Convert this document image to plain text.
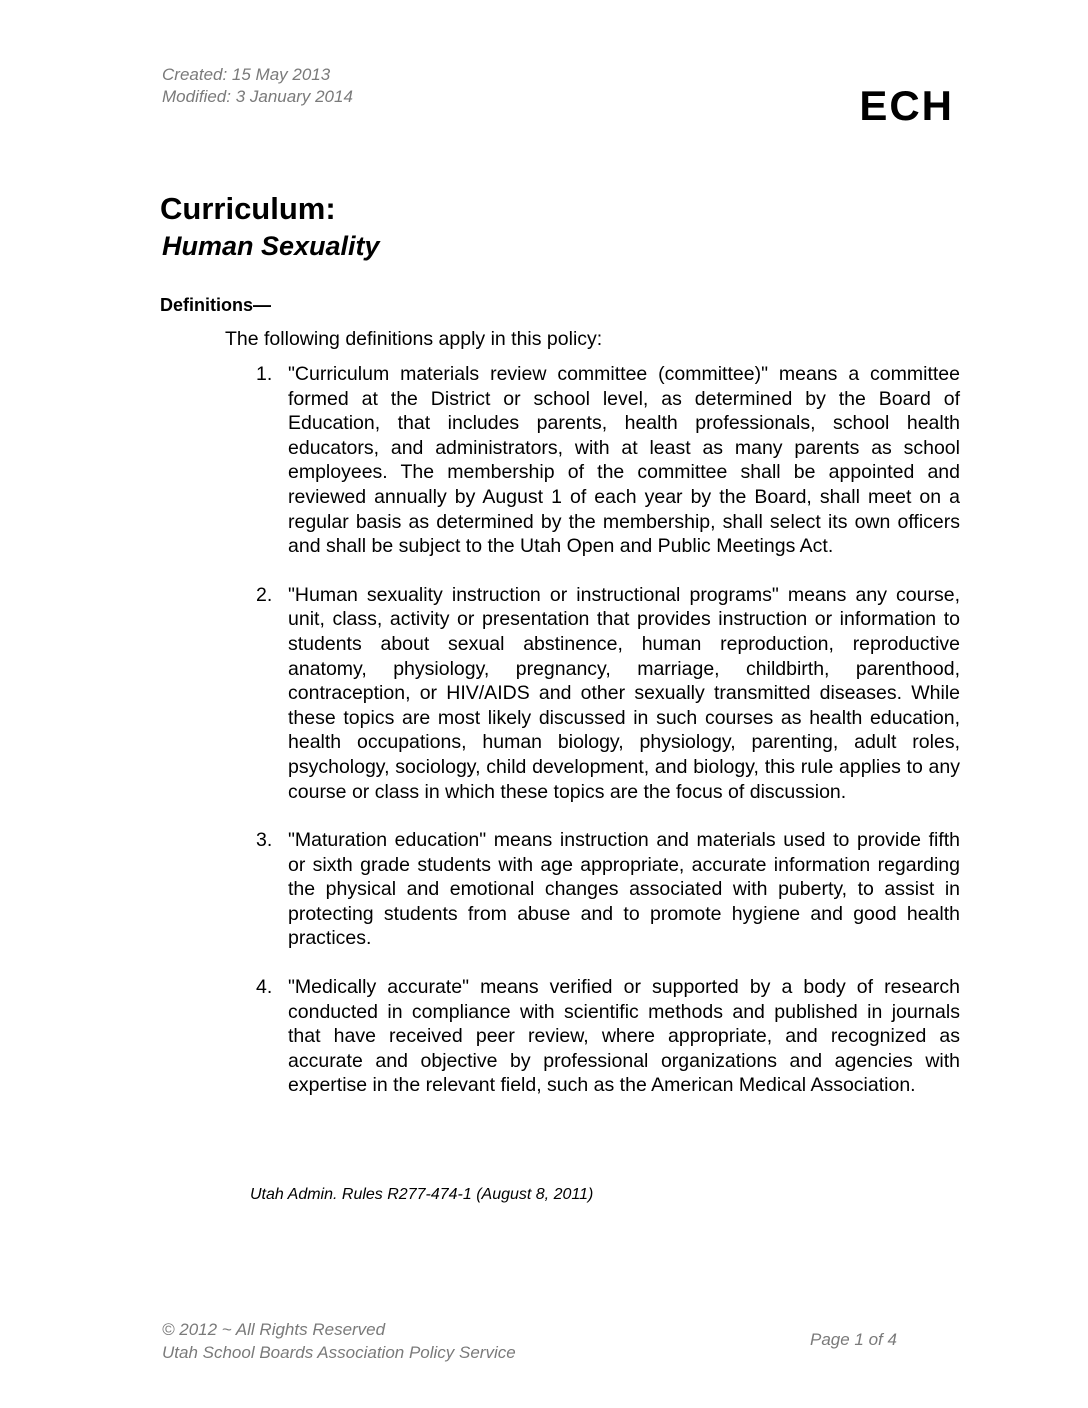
Created: 15 May 2013
Modified: 3 January 2014	ECH
Curriculum:
Human Sexuality
Definitions—
The following definitions apply in this policy:
1. "Curriculum materials review committee (committee)" means a committee formed at the District or school level, as determined by the Board of Education, that includes parents, health professionals, school health educators, and administrators, with at least as many parents as school employees. The membership of the committee shall be appointed and reviewed annually by August 1 of each year by the Board, shall meet on a regular basis as determined by the membership, shall select its own officers and shall be subject to the Utah Open and Public Meetings Act.
2. "Human sexuality instruction or instructional programs" means any course, unit, class, activity or presentation that provides instruction or information to students about sexual abstinence, human reproduction, reproductive anatomy, physiology, pregnancy, marriage, childbirth, parenthood, contraception, or HIV/AIDS and other sexually transmitted diseases. While these topics are most likely discussed in such courses as health education, health occupations, human biology, physiology, parenting, adult roles, psychology, sociology, child development, and biology, this rule applies to any course or class in which these topics are the focus of discussion.
3. "Maturation education" means instruction and materials used to provide fifth or sixth grade students with age appropriate, accurate information regarding the physical and emotional changes associated with puberty, to assist in protecting students from abuse and to promote hygiene and good health practices.
4. "Medically accurate" means verified or supported by a body of research conducted in compliance with scientific methods and published in journals that have received peer review, where appropriate, and recognized as accurate and objective by professional organizations and agencies with expertise in the relevant field, such as the American Medical Association.
Utah Admin. Rules R277-474-1 (August 8, 2011)
© 2012 ~ All Rights Reserved
Utah School Boards Association Policy Service
Page 1 of 4
